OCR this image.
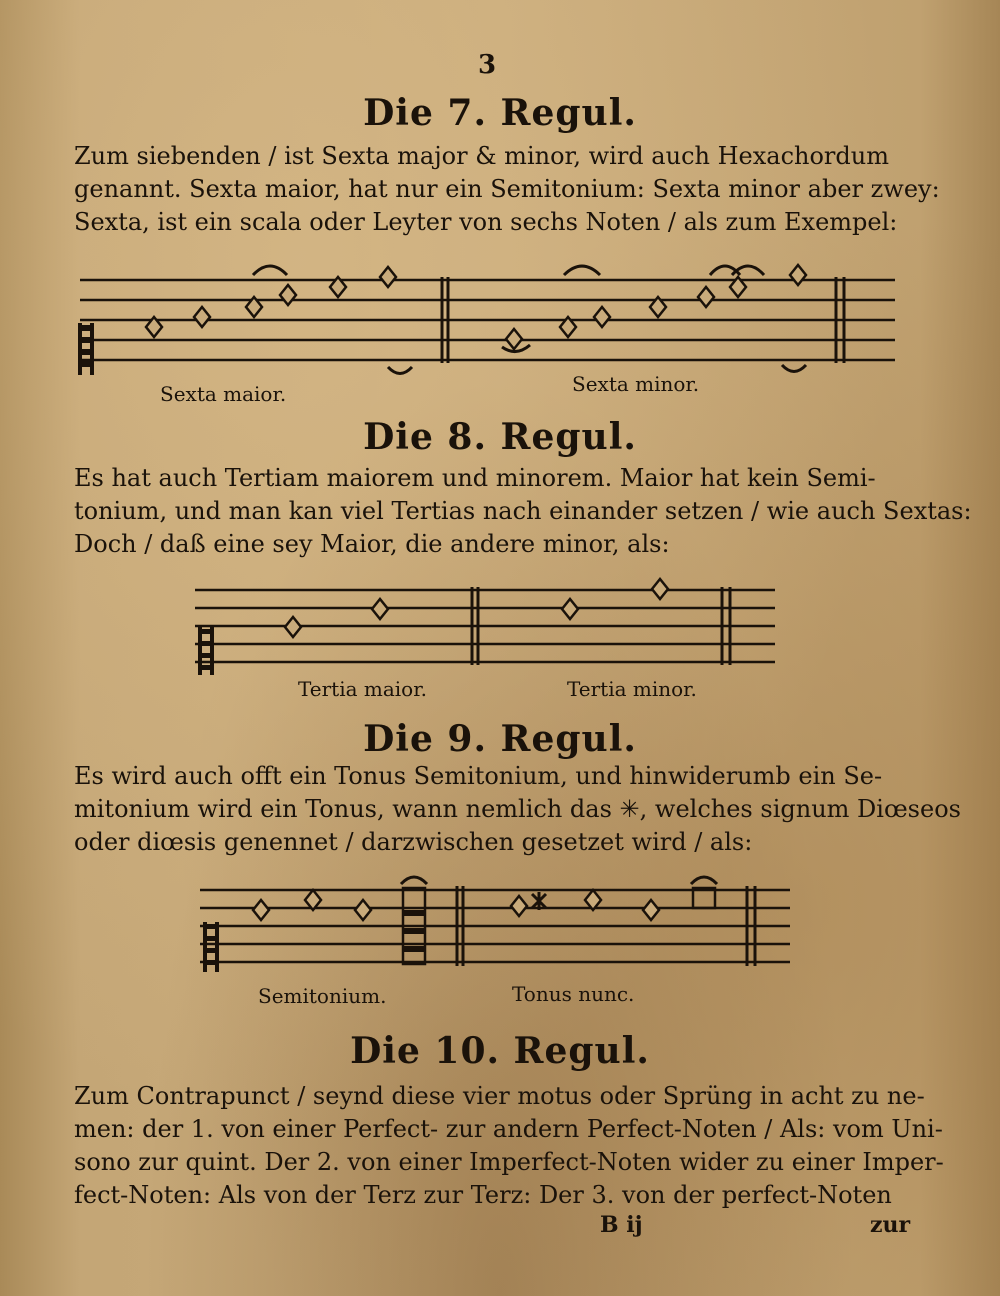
3
Die 7. Regul.
Zum siebenden / ist Sexta major & minor, wird auch Hexachordum
genannt. Sexta maior, hat nur ein Semitonium: Sexta minor aber zwey:
Sexta, ist ein scala oder Leyter von sechs Noten / als zum Exempel:
Sexta maior.	Sexta minor.
Die 8. Regul.
Es hat auch Tertiam maiorem und minorem. Maior hat kein Semi-
tonium, und man kan viel Tertias nach einander setzen / wie auch Sextas:
Doch / daß eine sey Maior, die andere minor, als:
Tertia maior.	Tertia minor.
Die 9. Regul.
Es wird auch offt ein Tonus Semitonium, und hinwiderumb ein Se-
mitonium wird ein Tonus, wann nemlich das ✳, welches signum Diœseos
oder diœsis genennet / darzwischen gesetzet wird / als:
Semitonium.	Tonus nunc.
Die 10. Regul.
Zum Contrapunct / seynd diese vier motus oder Sprüng in acht zu ne-
men: der 1. von einer Perfect- zur andern Perfect-Noten / Als: vom Uni-
sono zur quint. Der 2. von einer Imperfect-Noten wider zu einer Imper-
fect-Noten: Als von der Terz zur Terz: Der 3. von der perfect-Noten
B ij	zur
